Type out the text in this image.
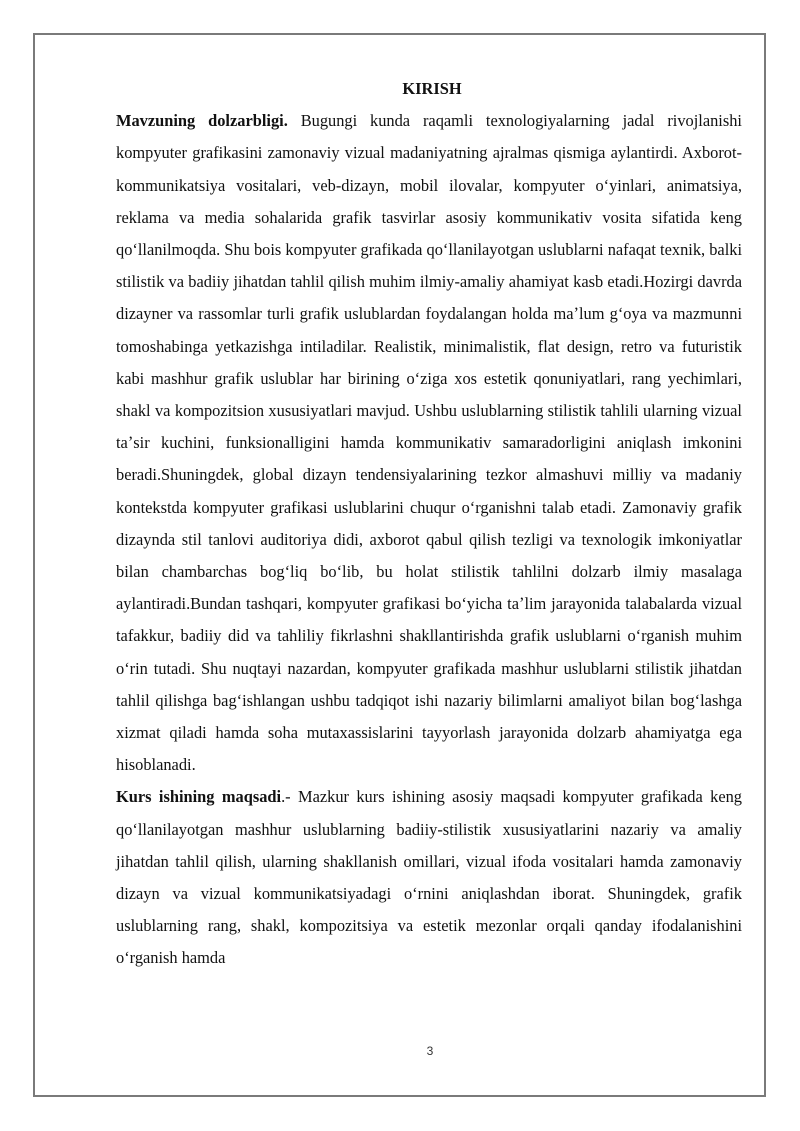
KIRISH

Mavzuning dolzarbligi. Bugungi kunda raqamli texnologiyalarning jadal rivojlanishi kompyuter grafikasini zamonaviy vizual madaniyatning ajralmas qismiga aylantirdi. Axborot-kommunikatsiya vositalari, veb-dizayn, mobil ilovalar, kompyuter oʻyinlari, animatsiya, reklama va media sohalarida grafik tasvirlar asosiy kommunikativ vosita sifatida keng qoʻllanilmoqda. Shu bois kompyuter grafikada qoʻllanilayotgan uslublarni nafaqat texnik, balki stilistik va badiiy jihatdan tahlil qilish muhim ilmiy-amaliy ahamiyat kasb etadi.Hozirgi davrda dizayner va rassomlar turli grafik uslublardan foydalangan holda maʼlum gʻoya va mazmunni tomoshabinga yetkazishga intiladilar. Realistik, minimalistik, flat design, retro va futuristik kabi mashhur grafik uslublar har birining oʻziga xos estetik qonuniyatlari, rang yechimlari, shakl va kompozitsion xususiyatlari mavjud. Ushbu uslublarning stilistik tahlili ularning vizual taʼsir kuchini, funksionalligini hamda kommunikativ samaradorligini aniqlash imkonini beradi.Shuningdek, global dizayn tendensiyalarining tezkor almashuvi milliy va madaniy kontekstda kompyuter grafikasi uslublarini chuqur oʻrganishni talab etadi. Zamonaviy grafik dizaynda stil tanlovi auditoriya didi, axborot qabul qilish tezligi va texnologik imkoniyatlar bilan chambarchas bogʻliq boʻlib, bu holat stilistik tahlilni dolzarb ilmiy masalaga aylantiradi.Bundan tashqari, kompyuter grafikasi boʻyicha taʼlim jarayonida talabalarda vizual tafakkur, badiiy did va tahliliy fikrlashni shakllantirishda grafik uslublarni oʻrganish muhim oʻrin tutadi. Shu nuqtayi nazardan, kompyuter grafikada mashhur uslublarni stilistik jihatdan tahlil qilishga bagʻishlangan ushbu tadqiqot ishi nazariy bilimlarni amaliyot bilan bogʻlashga xizmat qiladi hamda soha mutaxassislarini tayyorlash jarayonida dolzarb ahamiyatga ega hisoblanadi.

Kurs ishining maqsadi.- Mazkur kurs ishining asosiy maqsadi kompyuter grafikada keng qoʻllanilayotgan mashhur uslublarning badiiy-stilistik xususiyatlarini nazariy va amaliy jihatdan tahlil qilish, ularning shakllanish omillari, vizual ifoda vositalari hamda zamonaviy dizayn va vizual kommunikatsiyadagi oʻrnini aniqlashdan iborat. Shuningdek, grafik uslublarning rang, shakl, kompozitsiya va estetik mezonlar orqali qanday ifodalanishini oʻrganish hamda

3
